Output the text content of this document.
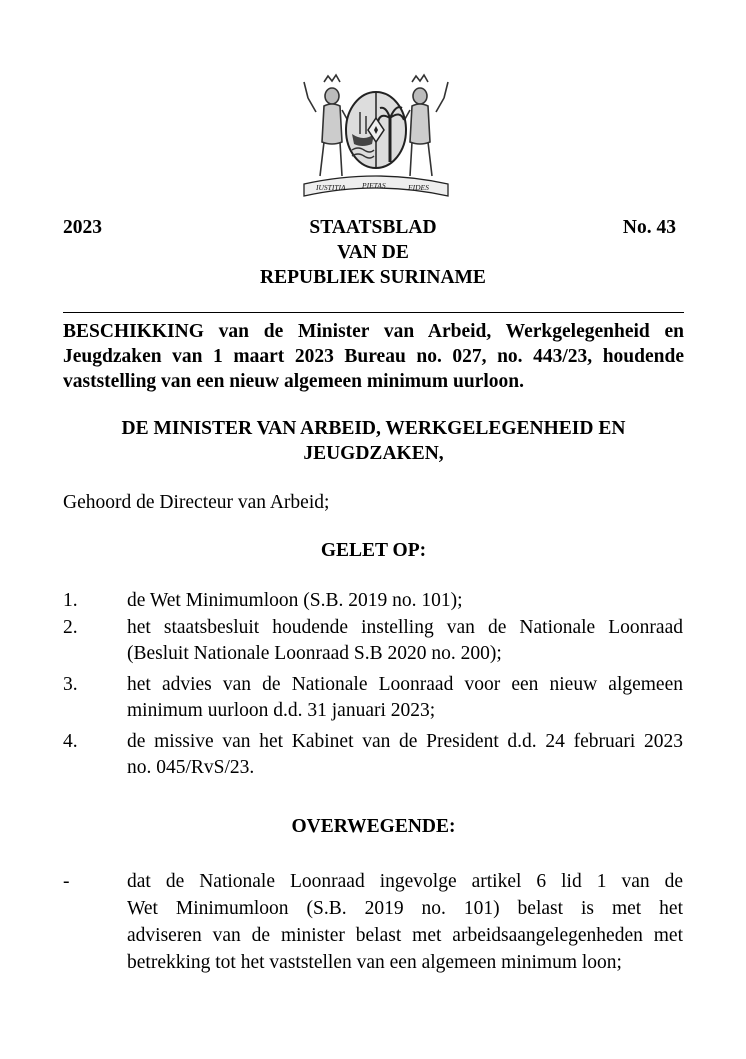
IUSTITIA PIETAS	FIDES
2023	STAATSBLAD
VAN DE
REPUBLIEK SURINAME
No. 43
BESCHIKKING van de Minister van Arbeid, Werkgelegenheid en
Jeugdzaken van 1 maart 2023 Bureau no. 027, no. 443/23, houdende
vaststelling van een nieuw algemeen minimum uurloon.
DE MINISTER VAN ARBEID, WERKGELEGENHEID EN
JEUGDZAKEN,
Gehoord de Directeur van Arbeid;
GELET OP:
1.	de Wet Minimumloon (S.B. 2019 no. 101);
2.	het staatsbesluit houdende instelling van de Nationale Loonraad
(Besluit Nationale Loonraad S.B 2020 no. 200);
3.	het advies van de Nationale Loonraad voor een nieuw algemeen
minimum uurloon d.d. 31 januari 2023;
4.	de missive van het Kabinet van de President d.d. 24 februari 2023
no. 045/RvS/23.
OVERWEGENDE:
-	dat de Nationale Loonraad ingevolge artikel 6 lid 1 van de
Wet Minimumloon (S.B. 2019 no. 101) belast is met het
adviseren van de minister belast met arbeidsaangelegenheden met
betrekking tot het vaststellen van een algemeen minimum loon;
